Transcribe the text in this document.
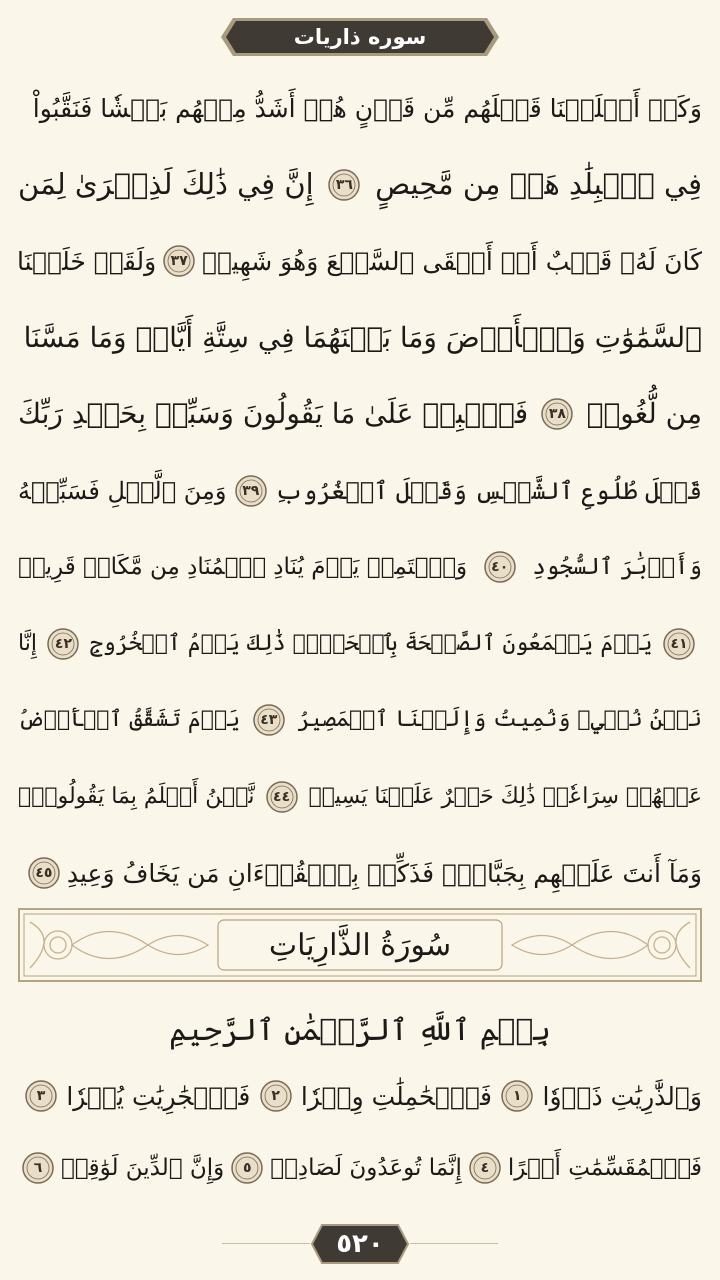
سوره ذاريات
وَكَمۡ أَهۡلَكۡنَا قَبۡلَهُم مِّن قَرۡنٍ هُمۡ أَشَدُّ مِنۡهُم بَطۡشٗا فَنَقَّبُواْ
فِي ٱلۡبِلَٰدِ هَلۡ مِن مَّحِيصٍ
٣٦
إِنَّ فِي ذَٰلِكَ لَذِكۡرَىٰ لِمَن
كَانَ لَهُۥ قَلۡبٌ أَوۡ أَلۡقَى ٱلسَّمۡعَ وَهُوَ شَهِيدٞ
٣٧
وَلَقَدۡ خَلَقۡنَا
ٱلسَّمَٰوَٰتِ وَٱلۡأَرۡضَ وَمَا بَيۡنَهُمَا فِي سِتَّةِ أَيَّامٖ وَمَا مَسَّنَا
مِن لُّغُوبٖ
٣٨
فَٱصۡبِرۡ عَلَىٰ مَا يَقُولُونَ وَسَبِّحۡ بِحَمۡدِ رَبِّكَ
قَبۡلَ طُلُوعِ ٱلشَّمۡسِ وَقَبۡلَ ٱلۡغُرُوبِ
٣٩
وَمِنَ ٱلَّيۡلِ فَسَبِّحۡهُ
وَأَدۡبَٰرَ ٱلسُّجُودِ
٤٠
وَٱسۡتَمِعۡ يَوۡمَ يُنَادِ ٱلۡمُنَادِ مِن مَّكَانٖ قَرِيبٖ
٤١
يَوۡمَ يَسۡمَعُونَ ٱلصَّيۡحَةَ بِٱلۡحَقِّۚ ذَٰلِكَ يَوۡمُ ٱلۡخُرُوجِ
٤٢
إِنَّا
نَحۡنُ نُحۡيِۦ وَنُمِيتُ وَإِلَيۡنَا ٱلۡمَصِيرُ
٤٣
يَوۡمَ تَشَقَّقُ ٱلۡأَرۡضُ
عَنۡهُمۡ سِرَاعٗاۚ ذَٰلِكَ حَشۡرٌ عَلَيۡنَا يَسِيرٞ
٤٤
نَّحۡنُ أَعۡلَمُ بِمَا يَقُولُونَۖ
وَمَآ أَنتَ عَلَيۡهِم بِجَبَّارٖۖ فَذَكِّرۡ بِٱلۡقُرۡءَانِ مَن يَخَافُ وَعِيدِ
٤٥
سُورَةُ الذَّارِيَاتِ
بِسۡمِ ٱللَّهِ ٱلرَّحۡمَٰنِ ٱلرَّحِيمِ
وَٱلذَّٰرِيَٰتِ ذَرۡوٗا
١
فَٱلۡحَٰمِلَٰتِ وِقۡرٗا
٢
فَٱلۡجَٰرِيَٰتِ يُسۡرٗا
٣
فَٱلۡمُقَسِّمَٰتِ أَمۡرًا
٤
إِنَّمَا تُوعَدُونَ لَصَادِقٞ
٥
وَإِنَّ ٱلدِّينَ لَوَٰقِعٞ
٦
٥٢٠
